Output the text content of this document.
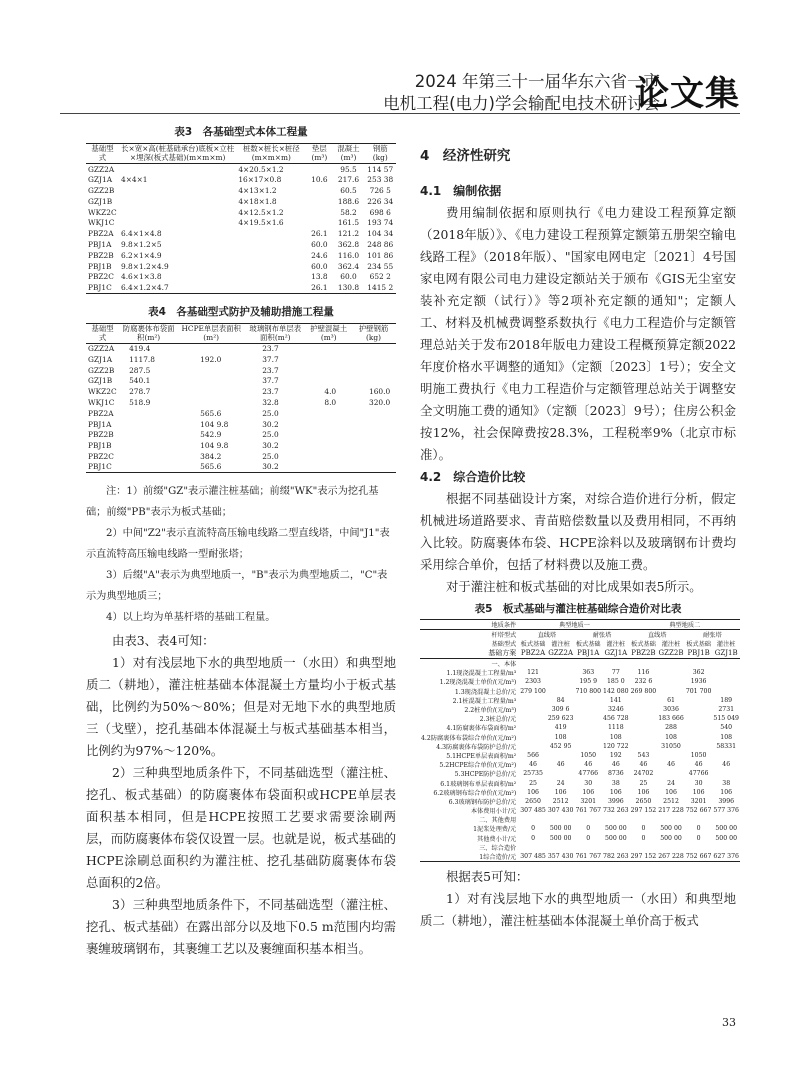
2024 年第三十一届华东六省一市
电机工程(电力)学会输配电技术研讨会
论文集
表3　各基础型式本体工程量
基础型式	长×宽×高(桩基础承台)底板×立柱×埋深(板式基础)(m×m×m)	桩数×桩长×桩径(m×m×m)	垫层(m³)	混凝土(m³)	钢筋(kg)
GZZ2A		4×20.5×1.2		95.5	114 57
GZJ1A	4×4×1	16×17×0.8	10.6	217.6	253 38
GZZ2B		4×13×1.2		60.5	726 5
GZJ1B		4×18×1.8		188.6	226 34
WKZ2C		4×12.5×1.2		58.2	698 6
WKJ1C		4×19.5×1.6		161.5	193 74
PBZ2A	6.4×1×4.8		26.1	121.2	104 34
PBJ1A	9.8×1.2×5		60.0	362.8	248 86
PBZ2B	6.2×1×4.9		24.6	116.0	101 86
PBJ1B	9.8×1.2×4.9		60.0	362.4	234 55
PBZ2C	4.6×1×3.8		13.8	60.0	652 2
PBJ1C	6.4×1.2×4.7		26.1	130.8	1415 2
表4　各基础型式防护及辅助措施工程量
基础型式	防腐裹体布袋面积(m²)	HCPE单层表面积(m²)	玻璃钢布单层表面积(m²)	护壁混凝土(m³)	护壁钢筋(kg)
GZZ2A	419.4		23.7		
GZJ1A	1117.8	192.0	37.7		
GZZ2B	287.5		23.7		
GZJ1B	540.1		37.7		
WKZ2C	278.7		23.7	4.0	160.0
WKJ1C	518.9		32.8	8.0	320.0
PBZ2A		565.6	25.0		
PBJ1A		104 9.8	30.2		
PBZ2B		542.9	25.0		
PBJ1B		104 9.8	30.2		
PBZ2C		384.2	25.0		
PBJ1C		565.6	30.2		
注：1）前缀"GZ"表示灌注桩基础；前缀"WK"表示为挖孔基础；前缀"PB"表示为板式基础；
2）中间"Z2"表示直流特高压输电线路二型直线塔，中间"J1"表示直流特高压输电线路一型耐张塔；
3）后缀"A"表示为典型地质一，"B"表示为典型地质二，"C"表示为典型地质三；
4）以上均为单基杆塔的基础工程量。
由表3、表4可知：
1）对有浅层地下水的典型地质一（水田）和典型地质二（耕地），灌注桩基础本体混凝土方量均小于板式基础，比例约为50%～80%；但是对无地下水的典型地质三（戈壁），挖孔基础本体混凝土与板式基础基本相当，比例约为97%～120%。
2）三种典型地质条件下，不同基础选型（灌注桩、挖孔、板式基础）的防腐裹体布袋面积或HCPE单层表面积基本相同，但是HCPE按照工艺要求需要涂刷两层，而防腐裹体布袋仅设置一层。也就是说，板式基础的HCPE涂刷总面积约为灌注桩、挖孔基础防腐裹体布袋总面积的2倍。
3）三种典型地质条件下，不同基础选型（灌注桩、挖孔、板式基础）在露出部分以及地下0.5 m范围内均需裹缠玻璃钢布，其裹缠工艺以及裹缠面积基本相当。
4　经济性研究
4.1　编制依据
费用编制依据和原则执行《电力建设工程预算定额（2018年版）》、《电力建设工程预算定额第五册架空输电线路工程》（2018年版）、"国家电网电定〔2021〕4号国家电网有限公司电力建设定额站关于颁布《GIS无尘室安装补充定额（试行）》等2项补充定额的通知"；定额人工、材料及机械费调整系数执行《电力工程造价与定额管理总站关于发布2018年版电力建设工程概预算定额2022年度价格水平调整的通知》（定额〔2023〕1号）；安全文明施工费执行《电力工程造价与定额管理总站关于调整安全文明施工费的通知》（定额〔2023〕9号）；住房公积金按12%，社会保障费按28.3%，工程税率9%（北京市标准）。
4.2　综合造价比较
根据不同基础设计方案，对综合造价进行分析，假定机械进场道路要求、青苗赔偿数量以及费用相同，不再纳入比较。防腐裹体布袋、HCPE涂料以及玻璃钢布计费均采用综合单价，包括了材料费以及施工费。
对于灌注桩和板式基础的对比成果如表5所示。
表5　板式基础与灌注桩基础综合造价对比表
地质条件	典型地质一				典型地质二			
杆塔型式	直线塔		耐张塔		直线塔		耐张塔	
基础型式	板式基础	灌注桩	板式基础	灌注桩	板式基础	灌注桩	板式基础	灌注桩
基础方案	PBZ2A	GZZ2A	PBJ1A	GZJ1A	PBZ2B	GZZ2B	PBJ1B	GZJ1B
一、本体								
1.1现浇混凝土工程量/m³	121		363	77	116		362	
1.2现浇混凝土单价/(元/m³)	2303		195 9	185 0	232 6		1936	
1.3现浇混凝土总价/元	279 100		710 800	142 080	269 800		701 700	
2.1桩混凝土工程量/m³		84		141		61		189
2.2桩单价/(元/m³)		309 6		3246		3036		2731
2.3桩总价/元		259 623		456 728		183 666		515 049
4.1防腐裹体布袋面积/m²		419		1118		288		540
4.2防腐裹体布袋综合单价/(元/m²)		108		108		108		108
4.3防腐裹体布袋防护总价/元		452 95		120 722		31050		58331
5.1HCPE单层表面积/m²	566		1050	192	543		1050	
5.2HCPE综合单价/(元/m²)	46	46	46	46	46	46	46	46
5.3HCPE防护总价/元	25735		47766	8736	24702		47766	
6.1玻璃钢布单层表面积/m²	25	24	30	38	25	24	30	38
6.2玻璃钢布综合单价/(元/m²)	106	106	106	106	106	106	106	106
6.3玻璃钢布防护总价/元	2650	2512	3201	3996	2650	2512	3201	3996
本体费用小计/元	307 485	307 430	761 767	732 263	297 152	217 228	752 667	577 376
二、其他费用								
1泥浆处理费/元	0	500 00	0	500 00	0	500 00	0	500 00
其他费小计/元	0	500 00	0	500 00	0	500 00	0	500 00
三、综合造价								
1综合造价/元	307 485	357 430	761 767	782 263	297 152	267 228	752 667	627 376
根据表5可知：
1）对有浅层地下水的典型地质一（水田）和典型地质二（耕地），灌注桩基础本体混凝土单价高于板式
33
